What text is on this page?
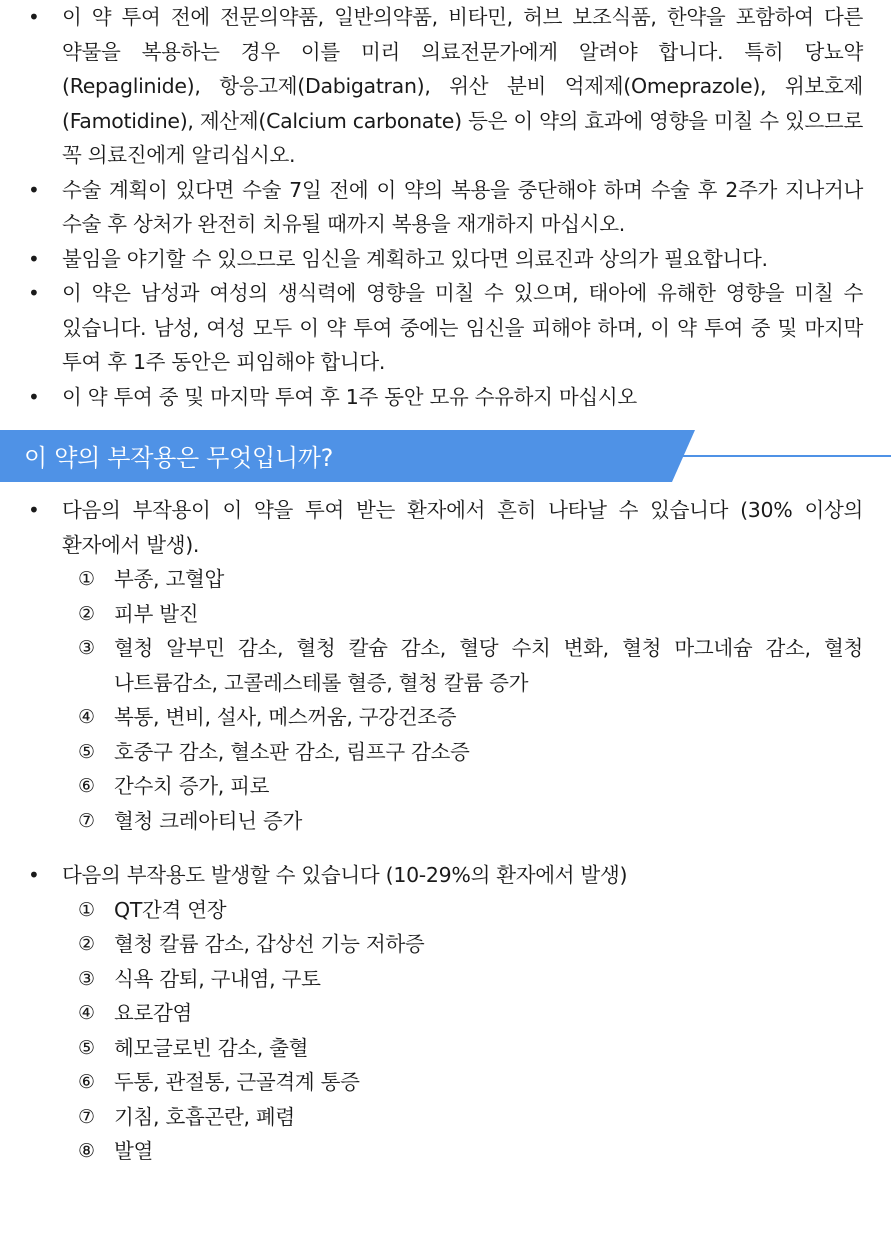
• 이 약 투여 전에 전문의약품, 일반의약품, 비타민, 허브 보조식품, 한약을 포함하여 다른 약물을 복용하는 경우 이를 미리 의료전문가에게 알려야 합니다. 특히 당뇨약(Repaglinide), 항응고제(Dabigatran), 위산 분비 억제제(Omeprazole), 위보호제(Famotidine), 제산제(Calcium carbonate) 등은 이 약의 효과에 영향을 미칠 수 있으므로 꼭 의료진에게 알리십시오.
• 수술 계획이 있다면 수술 7일 전에 이 약의 복용을 중단해야 하며 수술 후 2주가 지나거나 수술 후 상처가 완전히 치유될 때까지 복용을 재개하지 마십시오.
• 불임을 야기할 수 있으므로 임신을 계획하고 있다면 의료진과 상의가 필요합니다.
• 이 약은 남성과 여성의 생식력에 영향을 미칠 수 있으며, 태아에 유해한 영향을 미칠 수 있습니다. 남성, 여성 모두 이 약 투여 중에는 임신을 피해야 하며, 이 약 투여 중 및 마지막 투여 후 1주 동안은 피임해야 합니다.
• 이 약 투여 중 및 마지막 투여 후 1주 동안 모유 수유하지 마십시오
이 약의 부작용은 무엇입니까?
• 다음의 부작용이 이 약을 투여 받는 환자에서 흔히 나타날 수 있습니다 (30% 이상의 환자에서 발생).
① 부종, 고혈압
② 피부 발진
③ 혈청 알부민 감소, 혈청 칼슘 감소, 혈당 수치 변화, 혈청 마그네슘 감소, 혈청 나트륨감소, 고콜레스테롤 혈증, 혈청 칼륨 증가
④ 복통, 변비, 설사, 메스꺼움, 구강건조증
⑤ 호중구 감소, 혈소판 감소, 림프구 감소증
⑥ 간수치 증가, 피로
⑦ 혈청 크레아티닌 증가
• 다음의 부작용도 발생할 수 있습니다 (10-29%의 환자에서 발생)
① QT간격 연장
② 혈청 칼륨 감소, 갑상선 기능 저하증
③ 식욕 감퇴, 구내염, 구토
④ 요로감염
⑤ 헤모글로빈 감소, 출혈
⑥ 두통, 관절통, 근골격계 통증
⑦ 기침, 호흡곤란, 폐렴
⑧ 발열
